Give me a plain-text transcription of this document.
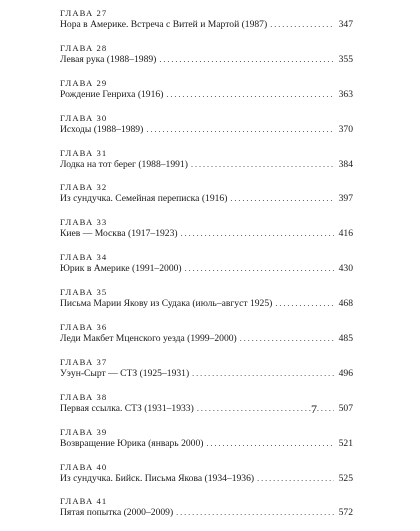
ГЛАВА 27
Нора в Америке. Встреча с Витей и Мартой (1987) . . .	347
ГЛАВА 28
Левая рука (1988–1989) . . .	355
ГЛАВА 29
Рождение Генриха (1916) . . .	363
ГЛАВА 30
Исходы (1988–1989) . . .	370
ГЛАВА 31
Лодка на тот берег (1988–1991) . . .	384
ГЛАВА 32
Из сундучка. Семейная переписка (1916) . . .	397
ГЛАВА 33
Киев — Москва (1917–1923) . . .	416
ГЛАВА 34
Юрик в Америке (1991–2000) . . .	430
ГЛАВА 35
Письма Марии Якову из Судака (июль–август 1925) . . .	468
ГЛАВА 36
Леди Макбет Мценского уезда (1999–2000) . . .	485
ГЛАВА 37
Уэун-Сырт — СТЗ (1925–1931) . . .	496
ГЛАВА 38
Первая ссылка. СТЗ (1931–1933) . . .	507
ГЛАВА 39
Возвращение Юрика (январь 2000) . . .	521
ГЛАВА 40
Из сундучка. Бийск. Письма Якова (1934–1936) . . .	525
ГЛАВА 41
Пятая попытка (2000–2009) . . .	572
7
